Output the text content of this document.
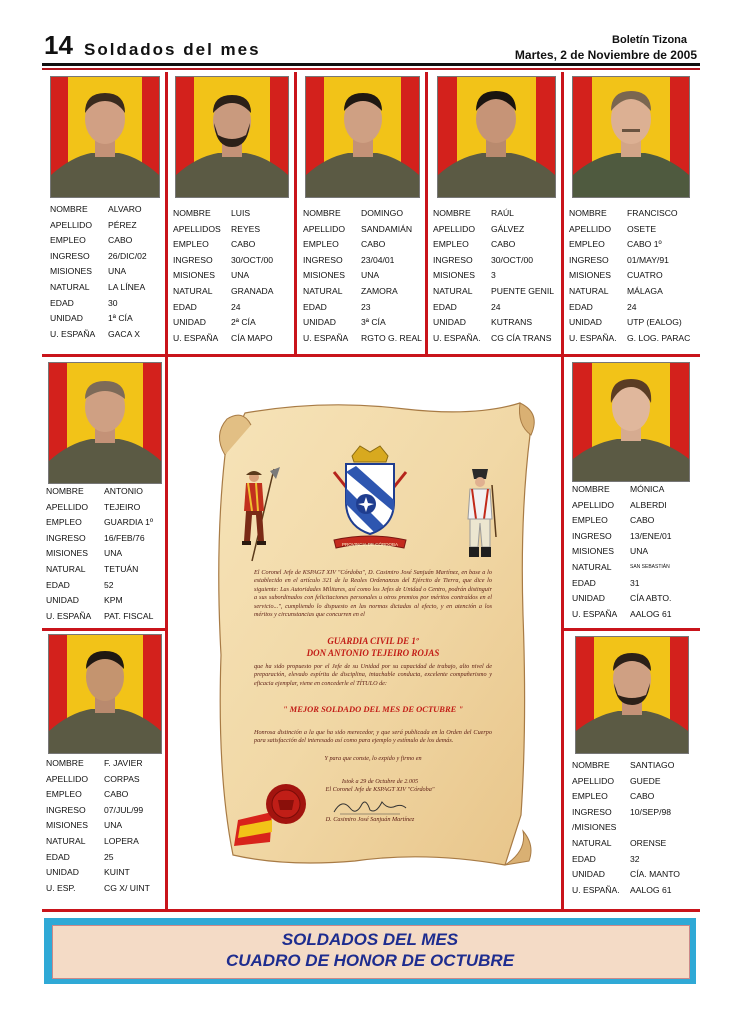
14 Soldados del mes	Boletín Tizona
Martes, 2 de Noviembre de 2005
NOMBRE	ALVARO
APELLIDO	PÉREZ
EMPLEO	CABO
INGRESO	26/DIC/02
MISIONES	UNA
NATURAL	LA LÍNEA
EDAD	30
UNIDAD	1ª CÍA
U. ESPAÑA	GACA X
NOMBRE	LUIS
APELLIDOS	REYES
EMPLEO	CABO
INGRESO	30/OCT/00
MISIONES	UNA
NATURAL	GRANADA
EDAD	24
UNIDAD	2ª CÍA
U. ESPAÑA	CÍA MAPO
NOMBRE	DOMINGO
APELLIDO	SANDAMIÁN
EMPLEO	CABO
INGRESO	23/04/01
MISIONES	UNA
NATURAL	ZAMORA
EDAD	23
UNIDAD	3ª CÍA
U. ESPAÑA	RGTO G. REAL
NOMBRE	RAÚL
APELLIDO	GÁLVEZ
EMPLEO	CABO
INGRESO	30/OCT/00
MISIONES	3
NATURAL	PUENTE GENIL
EDAD	24
UNIDAD	KUTRANS
U. ESPAÑA.	CG CÍA TRANS
NOMBRE	FRANCISCO
APELLIDO	OSETE
EMPLEO	CABO 1º
INGRESO	01/MAY/91
MISIONES	CUATRO
NATURAL	MÁLAGA
EDAD	24
UNIDAD	UTP (EALOG)
U. ESPAÑA.	G. LOG. PARAC
NOMBRE	ANTONIO
APELLIDO	TEJEIRO
EMPLEO	GUARDIA 1º
INGRESO	16/FEB/76
MISIONES	UNA
NATURAL	TETUÁN
EDAD	52
UNIDAD	KPM
U. ESPAÑA	PAT. FISCAL
NOMBRE	F. JAVIER
APELLIDO	CORPAS
EMPLEO	CABO
INGRESO	07/JUL/99
MISIONES	UNA
NATURAL	LOPERA
EDAD	25
UNIDAD	KUINT
U. ESP.	CG X/ UINT
NOMBRE	MÓNICA
APELLIDO	ALBERDI
EMPLEO	CABO
INGRESO	13/ENE/01
MISIONES	UNA
NATURAL	SAN SEBASTIÁN
EDAD	31
UNIDAD	CÍA ABTO.
U. ESPAÑA	AALOG 61
NOMBRE	SANTIAGO
APELLIDO	GUEDE
EMPLEO	CABO
INGRESO	10/SEP/98
/MISIONES
NATURAL	ORENSE
EDAD	32
UNIDAD	CÍA. MANTO
U. ESPAÑA.	AALOG 61
PROVINCIA DE CÓRDOBA
El Coronel Jefe de KSPAGT XIV "Córdoba", D. Casimiro José Sanjuán Martínez, en base a lo establecido en el artículo 321 de la Reales Ordenanzas del Ejército de Tierra, que dice lo siguiente: Las Autoridades Militares, así como los Jefes de Unidad o Centro, podrán distinguir a sus subordinados con felicitaciones personales u otros premios por méritos contraídos en el servicio...", cumpliendo lo dispuesto en las normas dictadas al efecto, y en atención a los méritos y circunstancias que concurren en el
GUARDIA CIVIL DE 1º
DON ANTONIO TEJEIRO ROJAS
que ha sido propuesto por el Jefe de su Unidad por su capacidad de trabajo, alto nivel de preparación, elevado espíritu de disciplina, intachable conducta, excelente compañerismo y eficacia ejemplar, viene en concederle el TÍTULO de:
" MEJOR SOLDADO DEL MES DE OCTUBRE "
Honrosa distinción a la que ha sido merecedor, y que será publicada en la Orden del Cuerpo para satisfacción del interesado así como para ejemplo y estímulo de los demás.
Y para que conste, lo expido y firmo en
Istok a 29 de Octubre de 2.005
El Coronel Jefe de KSPAGT XIV "Córdoba"
D. Casimiro José Sanjuán Martínez
SOLDADOS DEL MES
CUADRO DE HONOR DE OCTUBRE
